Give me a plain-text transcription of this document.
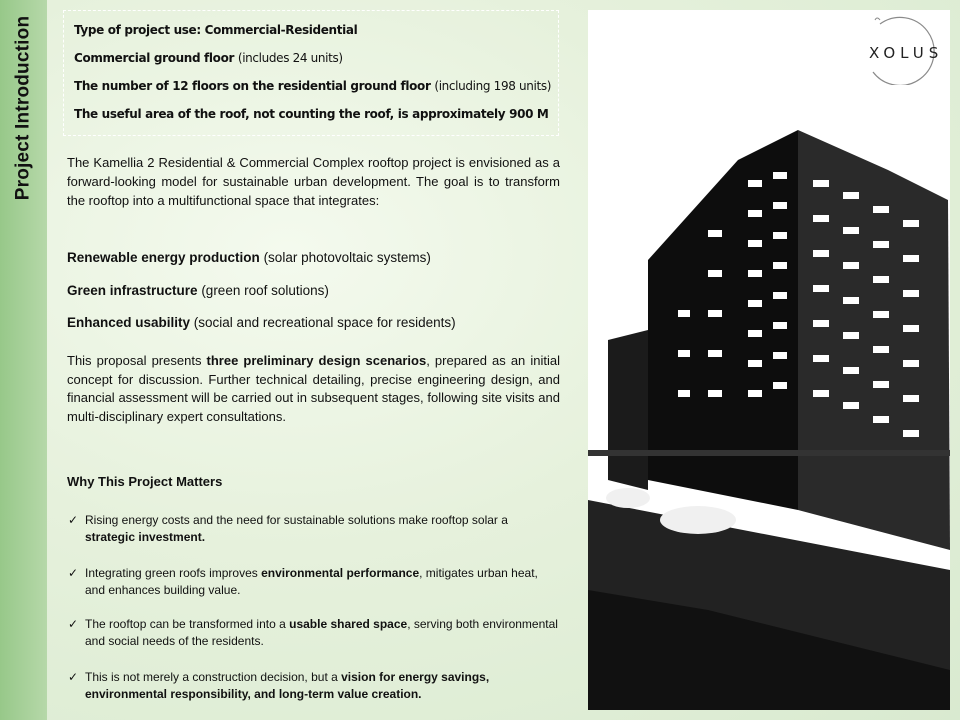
Project Introduction	Type of project use: Commercial-Residential

Commercial ground floor (includes 24 units)

The number of 12 floors on the residential ground floor (including 198 units)

The useful area of the roof, not counting the roof, is approximately 900 M

The Kamellia 2 Residential & Commercial Complex rooftop project is envisioned as a forward-looking model for sustainable urban development. The goal is to transform the rooftop into a multifunctional space that integrates:

Renewable energy production (solar photovoltaic systems)

Green infrastructure (green roof solutions)

Enhanced usability (social and recreational space for residents)

This proposal presents three preliminary design scenarios, prepared as an initial concept for discussion. Further technical detailing, precise engineering design, and financial assessment will be carried out in subsequent stages, following site visits and multi-disciplinary expert consultations.

Why This Project Matters

✓ Rising energy costs and the need for sustainable solutions make rooftop solar a strategic investment.
✓ Integrating green roofs improves environmental performance, mitigates urban heat, and enhances building value.
✓ The rooftop can be transformed into a usable shared space, serving both environmental and social needs of the residents.
✓ This is not merely a construction decision, but a vision for energy savings, environmental responsibility, and long-term value creation.
XOLUS
